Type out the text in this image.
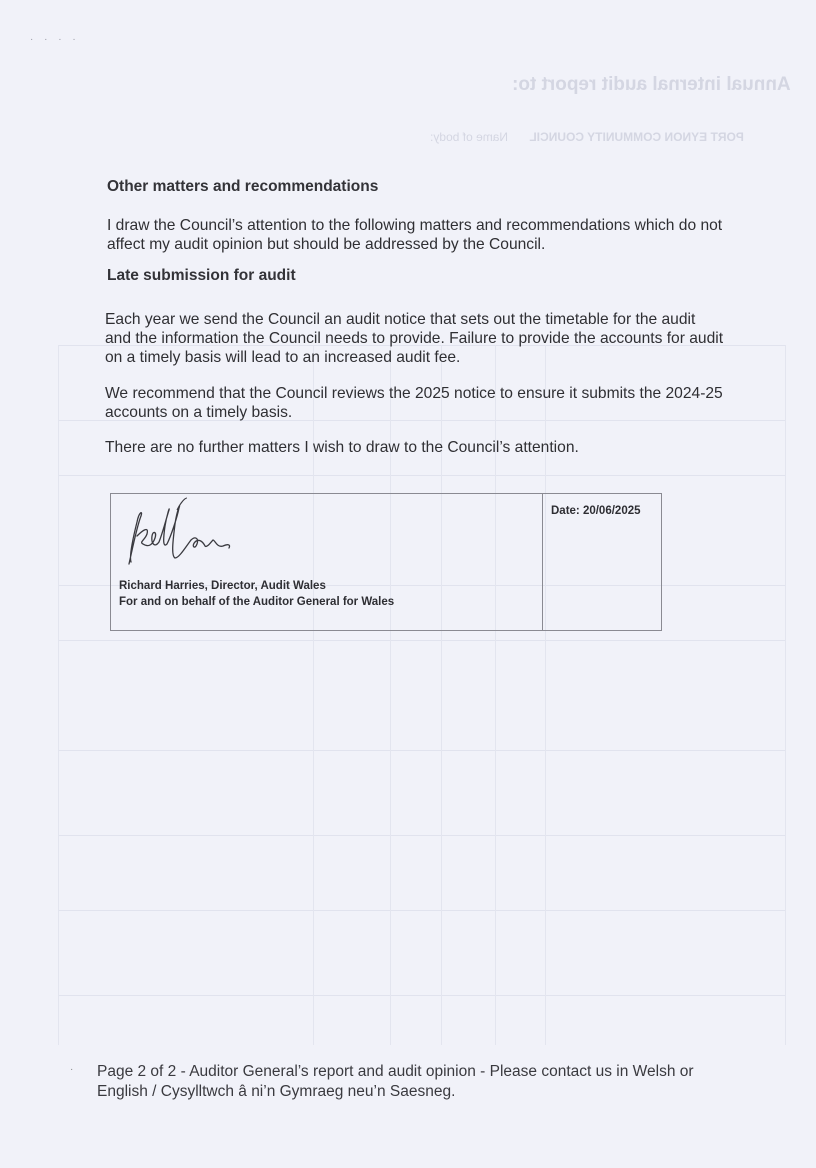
· · · ·
Annual internal audit report to:
PORT EYNON COMMUNITY COUNCIL Name of body:
Other matters and recommendations

I draw the Council’s attention to the following matters and recommendations which do not affect my audit opinion but should be addressed by the Council.

Late submission for audit

Each year we send the Council an audit notice that sets out the timetable for the audit and the information the Council needs to provide. Failure to provide the accounts for audit on a timely basis will lead to an increased audit fee.

We recommend that the Council reviews the 2025 notice to ensure it submits the 2024-25 accounts on a timely basis.

There are no further matters I wish to draw to the Council’s attention.

Richard Harries, Director, Audit Wales
For and on behalf of the Auditor General for Wales
Date: 20/06/2025
· Page 2 of 2 - Auditor General’s report and audit opinion - Please contact us in Welsh or English / Cysylltwch â ni’n Gymraeg neu’n Saesneg.
